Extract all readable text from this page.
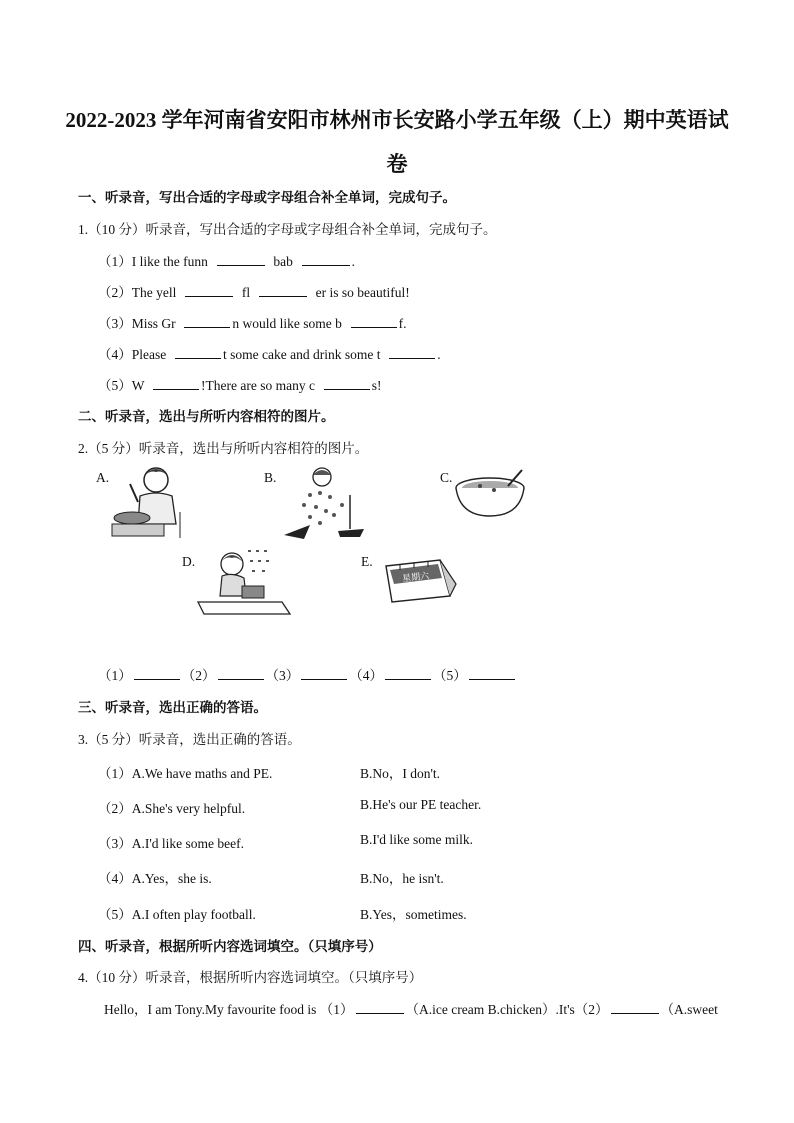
2022-2023 学年河南省安阳市林州市长安路小学五年级（上）期中英语试
卷
一、听录音，写出合适的字母或字母组合补全单词，完成句子。
1.（10 分）听录音，写出合适的字母或字母组合补全单词，完成句子。
（1）I like the funn	bab	.
（2）The yell	fl	er is so beautiful!
（3）Miss Gr	n would like some b	f.
（4）Please	t some cake and drink some t	.
（5）W	!There are so many c	s!
二、听录音，选出与所听内容相符的图片。
2.（5 分）听录音，选出与所听内容相符的图片。
A.	B.	C.
D.	E.
星期六
（1）	（2）	（3）	（4）	（5）
三、听录音，选出正确的答语。
3.（5 分）听录音，选出正确的答语。
（1）A.We have maths and PE.	B.No，I don't.
（2）A.She's very helpful.	B.He's our PE teacher.
（3）A.I'd like some beef.	B.I'd like some milk.
（4）A.Yes，she is.	B.No，he isn't.
（5）A.I often play football.	B.Yes，sometimes.
四、听录音，根据所听内容选词填空。（只填序号）
4.（10 分）听录音，根据所听内容选词填空。（只填序号）
Hello，I am Tony.My favourite food is （1）	（A.ice cream B.chicken）.It's（2）	（A.sweet
